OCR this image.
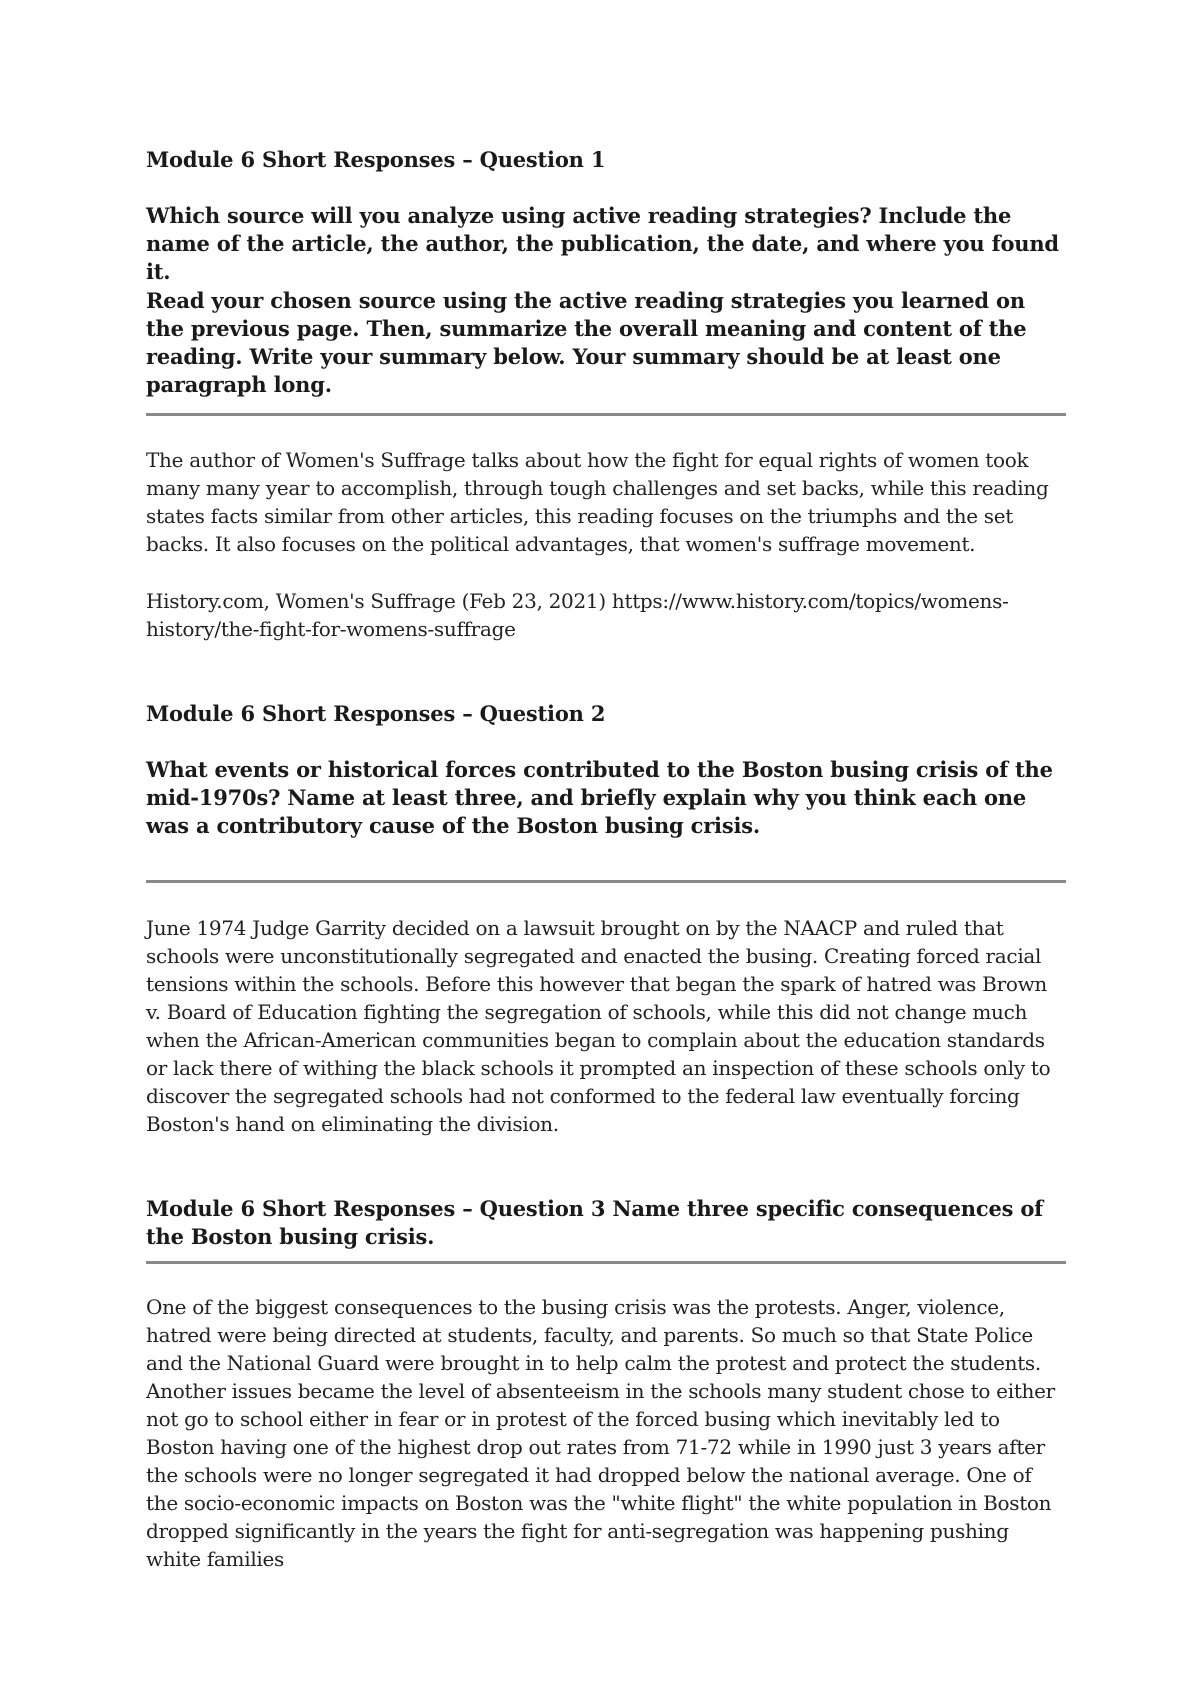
Module 6 Short Responses – Question 1

Which source will you analyze using active reading strategies? Include the name of the article, the author, the publication, the date, and where you found it.

Read your chosen source using the active reading strategies you learned on the previous page. Then, summarize the overall meaning and content of the reading. Write your summary below. Your summary should be at least one paragraph long.

The author of Women's Suffrage talks about how the fight for equal rights of women took many many year to accomplish, through tough challenges and set backs, while this reading states facts similar from other articles, this reading focuses on the triumphs and the set backs. It also focuses on the political advantages, that women's suffrage movement.

History.com, Women's Suffrage (Feb 23, 2021) https://www.history.com/topics/womens-history/the-fight-for-womens-suffrage

Module 6 Short Responses – Question 2

What events or historical forces contributed to the Boston busing crisis of the mid-1970s? Name at least three, and briefly explain why you think each one was a contributory cause of the Boston busing crisis.

June 1974 Judge Garrity decided on a lawsuit brought on by the NAACP and ruled that schools were unconstitutionally segregated and enacted the busing. Creating forced racial tensions within the schools. Before this however that began the spark of hatred was Brown v. Board of Education fighting the segregation of schools, while this did not change much when the African-American communities began to complain about the education standards or lack there of withing the black schools it prompted an inspection of these schools only to discover the segregated schools had not conformed to the federal law eventually forcing Boston's hand on eliminating the division.

Module 6 Short Responses – Question 3 Name three specific consequences of the Boston busing crisis.

One of the biggest consequences to the busing crisis was the protests. Anger, violence, hatred were being directed at students, faculty, and parents. So much so that State Police and the National Guard were brought in to help calm the protest and protect the students. Another issues became the level of absenteeism in the schools many student chose to either not go to school either in fear or in protest of the forced busing which inevitably led to Boston having one of the highest drop out rates from 71-72 while in 1990 just 3 years after the schools were no longer segregated it had dropped below the national average. One of the socio-economic impacts on Boston was the "white flight" the white population in Boston dropped significantly in the years the fight for anti-segregation was happening pushing white families
